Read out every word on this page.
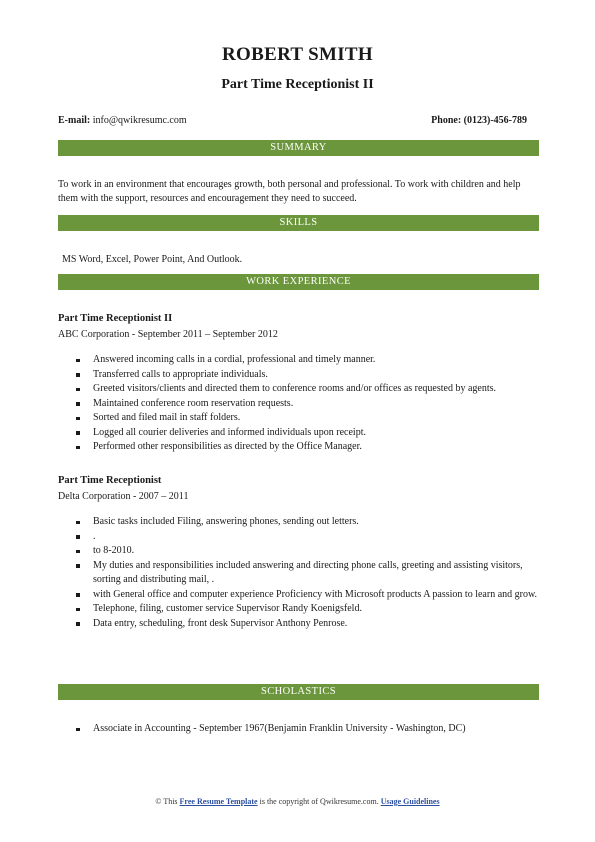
ROBERT SMITH
Part Time Receptionist II
E-mail: info@qwikresumc.com	Phone: (0123)-456-789
SUMMARY
To work in an environment that encourages growth, both personal and professional. To work with children and help them with the support, resources and encouragement they need to succeed.
SKILLS
MS Word, Excel, Power Point, And Outlook.
WORK EXPERIENCE
Part Time Receptionist II
ABC Corporation - September 2011 – September 2012
Answered incoming calls in a cordial, professional and timely manner.
Transferred calls to appropriate individuals.
Greeted visitors/clients and directed them to conference rooms and/or offices as requested by agents.
Maintained conference room reservation requests.
Sorted and filed mail in staff folders.
Logged all courier deliveries and informed individuals upon receipt.
Performed other responsibilities as directed by the Office Manager.
Part Time Receptionist
Delta Corporation - 2007 – 2011
Basic tasks included Filing, answering phones, sending out letters.
.
to 8-2010.
My duties and responsibilities included answering and directing phone calls, greeting and assisting visitors, sorting and distributing mail, .
with General office and computer experience Proficiency with Microsoft products A passion to learn and grow.
Telephone, filing, customer service Supervisor Randy Koenigsfeld.
Data entry, scheduling, front desk Supervisor Anthony Penrose.
SCHOLASTICS
Associate in Accounting - September 1967(Benjamin Franklin University - Washington, DC)
© This Free Resume Template is the copyright of Qwikresume.com. Usage Guidelines
